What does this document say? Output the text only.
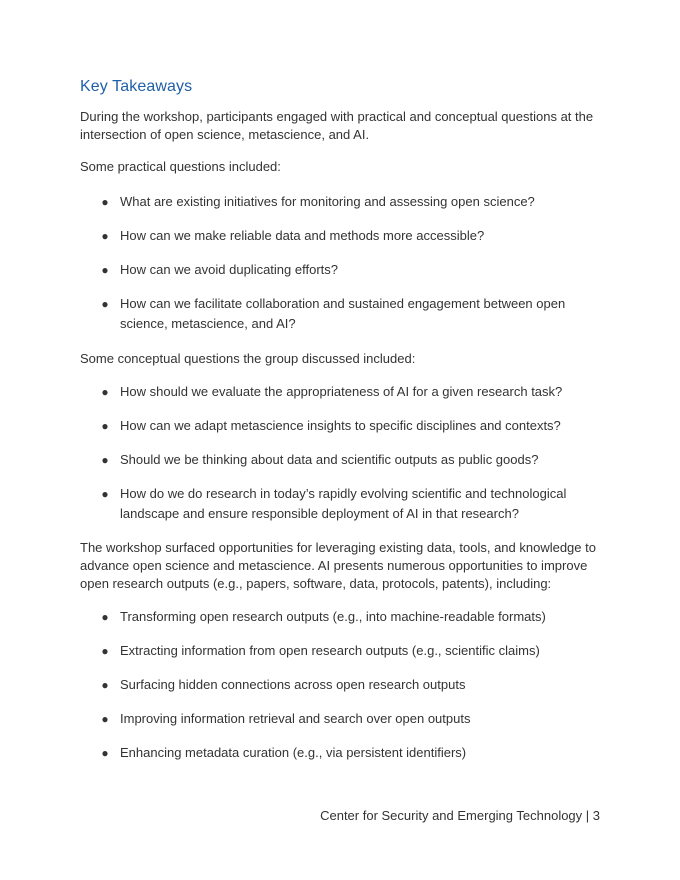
Key Takeaways

During the workshop, participants engaged with practical and conceptual questions at the intersection of open science, metascience, and AI.

Some practical questions included:

● What are existing initiatives for monitoring and assessing open science?
● How can we make reliable data and methods more accessible?
● How can we avoid duplicating efforts?
● How can we facilitate collaboration and sustained engagement between open science, metascience, and AI?

Some conceptual questions the group discussed included:

● How should we evaluate the appropriateness of AI for a given research task?
● How can we adapt metascience insights to specific disciplines and contexts?
● Should we be thinking about data and scientific outputs as public goods?
● How do we do research in today’s rapidly evolving scientific and technological landscape and ensure responsible deployment of AI in that research?

The workshop surfaced opportunities for leveraging existing data, tools, and knowledge to advance open science and metascience. AI presents numerous opportunities to improve open research outputs (e.g., papers, software, data, protocols, patents), including:

● Transforming open research outputs (e.g., into machine-readable formats)
● Extracting information from open research outputs (e.g., scientific claims)
● Surfacing hidden connections across open research outputs
● Improving information retrieval and search over open outputs
● Enhancing metadata curation (e.g., via persistent identifiers)
Center for Security and Emerging Technology | 3
